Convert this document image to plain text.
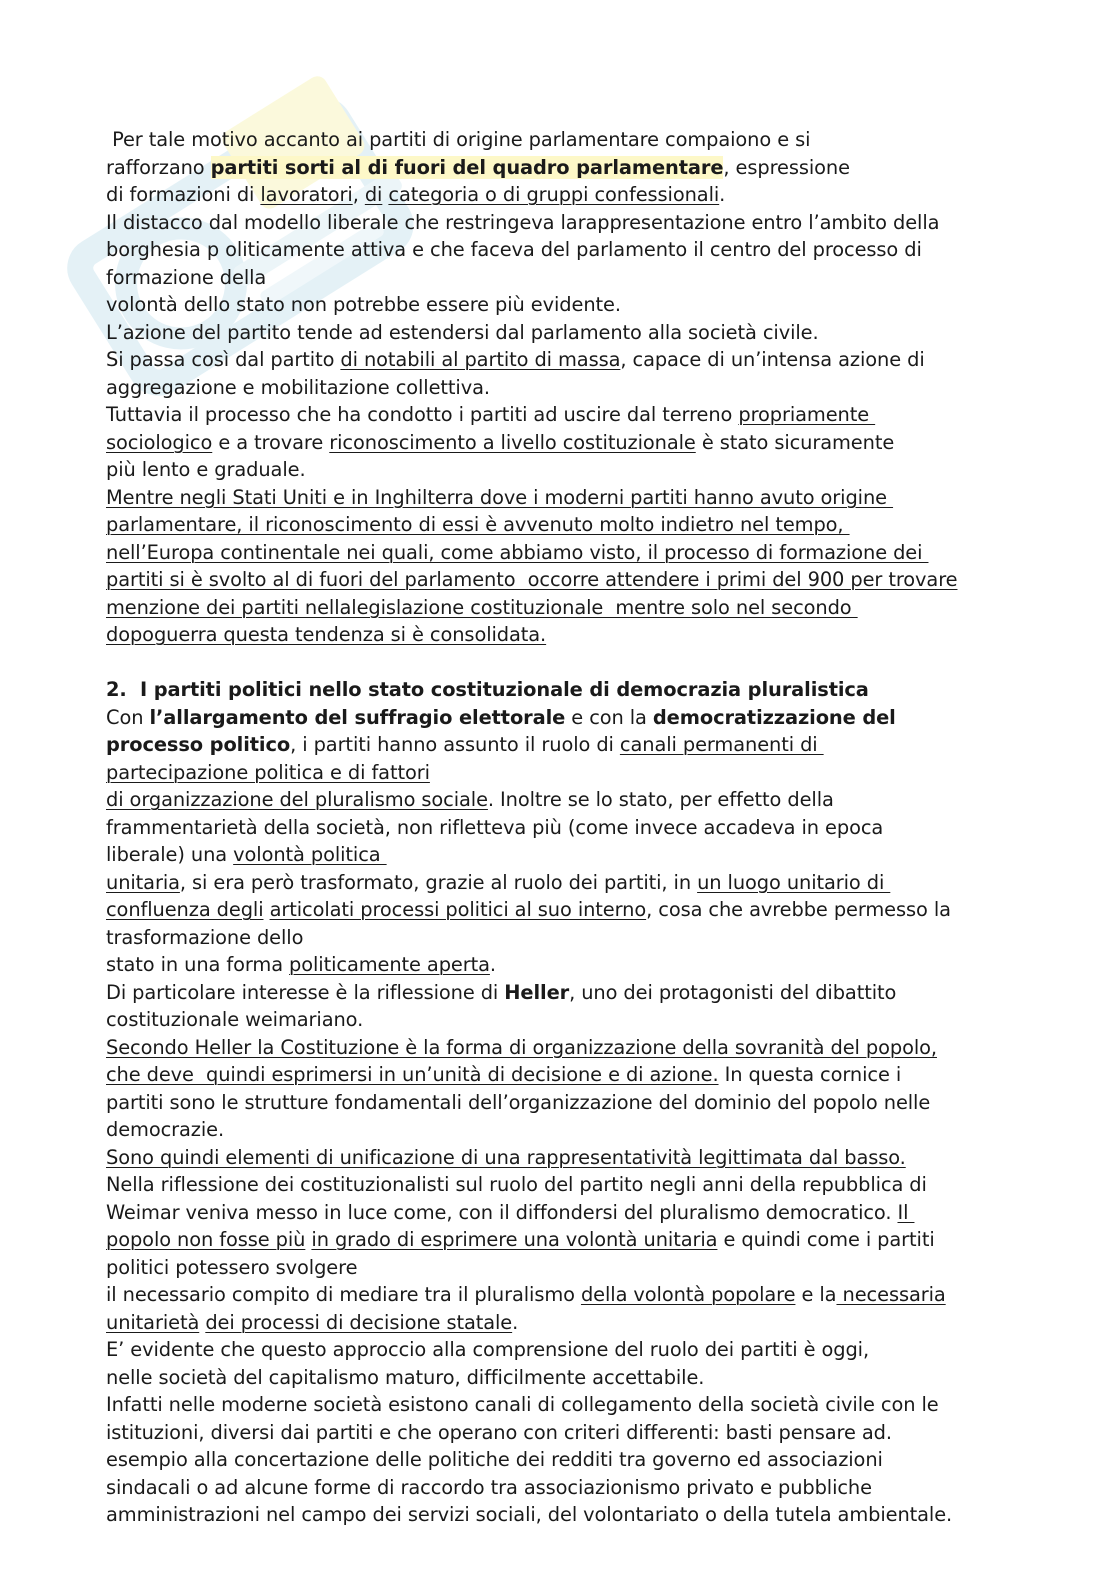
Per tale motivo accanto ai partiti di origine parlamentare compaiono e si
rafforzano partiti sorti al di fuori del quadro parlamentare, espressione
di formazioni di lavoratori, di categoria o di gruppi confessionali.
Il distacco dal modello liberale che restringeva larappresentazione entro l’ambito della
borghesia p oliticamente attiva e che faceva del parlamento il centro del processo di
formazione della
volontà dello stato non potrebbe essere più evidente.
L’azione del partito tende ad estendersi dal parlamento alla società civile.
Si passa così dal partito di notabili al partito di massa, capace di un’intensa azione di
aggregazione e mobilitazione collettiva.
Tuttavia il processo che ha condotto i partiti ad uscire dal terreno propriamente
sociologico e a trovare riconoscimento a livello costituzionale è stato sicuramente
più lento e graduale.
Mentre negli Stati Uniti e in Inghilterra dove i moderni partiti hanno avuto origine
parlamentare, il riconoscimento di essi è avvenuto molto indietro nel tempo,
nell’Europa continentale nei quali, come abbiamo visto, il processo di formazione dei
partiti si è svolto al di fuori del parlamento  occorre attendere i primi del 900 per trovare
menzione dei partiti nellalegislazione costituzionale  mentre solo nel secondo
dopoguerra questa tendenza si è consolidata.
2.  I partiti politici nello stato costituzionale di democrazia pluralistica
Con l’allargamento del suffragio elettorale e con la democratizzazione del
processo politico, i partiti hanno assunto il ruolo di canali permanenti di
partecipazione politica e di fattori
di organizzazione del pluralismo sociale. Inoltre se lo stato, per effetto della
frammentarietà della società, non rifletteva più (come invece accadeva in epoca
liberale) una volontà politica
unitaria, si era però trasformato, grazie al ruolo dei partiti, in un luogo unitario di
confluenza degli articolati processi politici al suo interno, cosa che avrebbe permesso la
trasformazione dello
stato in una forma politicamente aperta.
Di particolare interesse è la riflessione di Heller, uno dei protagonisti del dibattito
costituzionale weimariano.
Secondo Heller la Costituzione è la forma di organizzazione della sovranità del popolo,
che deve  quindi esprimersi in un’unità di decisione e di azione. In questa cornice i
partiti sono le strutture fondamentali dell’organizzazione del dominio del popolo nelle
democrazie.
Sono quindi elementi di unificazione di una rappresentatività legittimata dal basso.
Nella riflessione dei costituzionalisti sul ruolo del partito negli anni della repubblica di
Weimar veniva messo in luce come, con il diffondersi del pluralismo democratico. Il
popolo non fosse più in grado di esprimere una volontà unitaria e quindi come i partiti
politici potessero svolgere
il necessario compito di mediare tra il pluralismo della volontà popolare e la necessaria
unitarietà dei processi di decisione statale.
E’ evidente che questo approccio alla comprensione del ruolo dei partiti è oggi,
nelle società del capitalismo maturo, difficilmente accettabile.
Infatti nelle moderne società esistono canali di collegamento della società civile con le
istituzioni, diversi dai partiti e che operano con criteri differenti: basti pensare ad.
esempio alla concertazione delle politiche dei redditi tra governo ed associazioni
sindacali o ad alcune forme di raccordo tra associazionismo privato e pubbliche
amministrazioni nel campo dei servizi sociali, del volontariato o della tutela ambientale.
